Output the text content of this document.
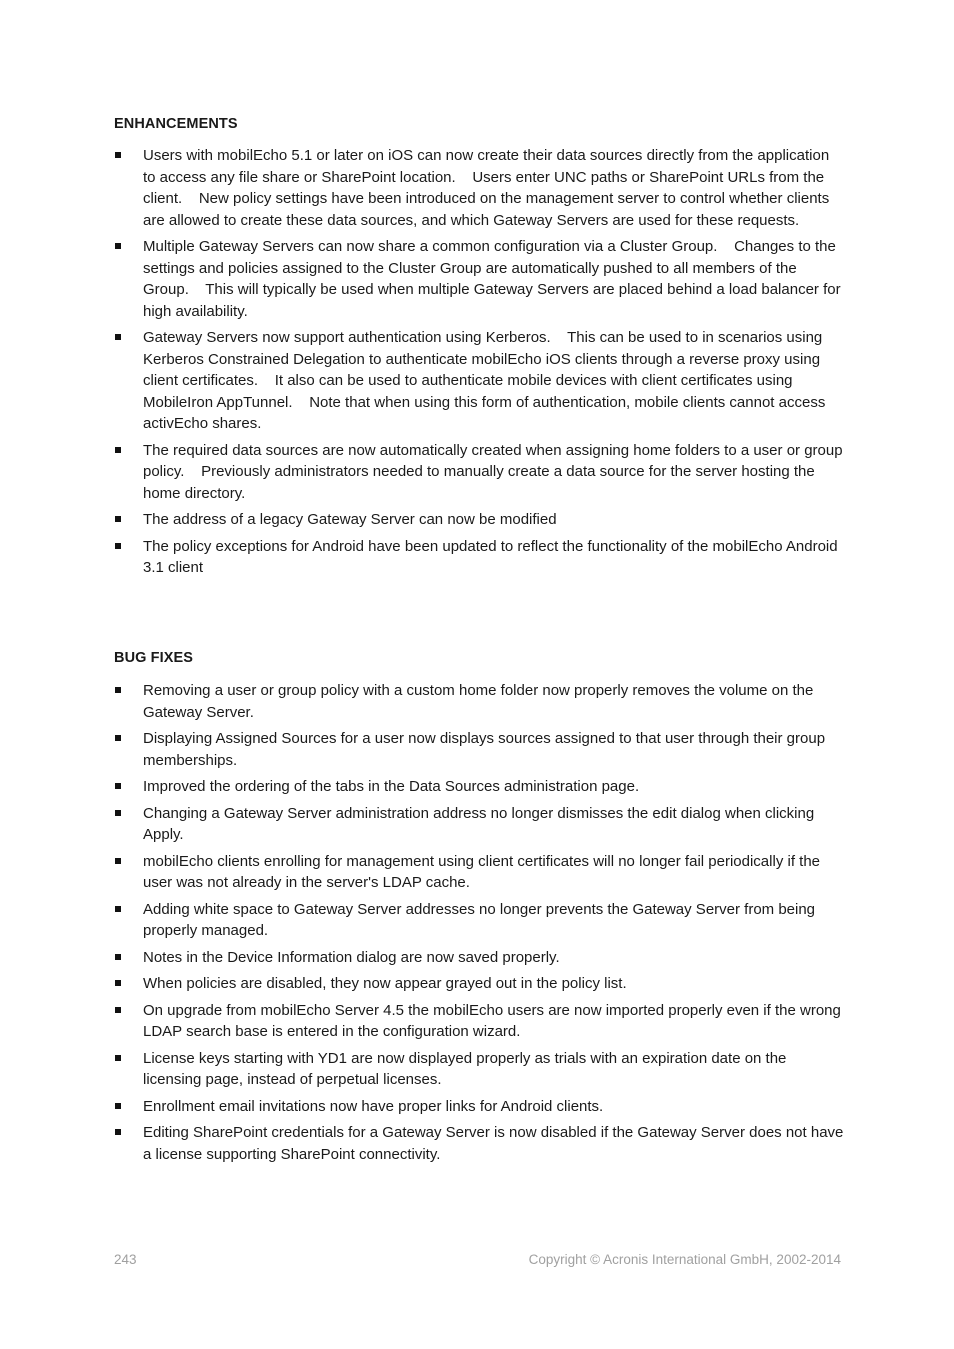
ENHANCEMENTS
Users with mobilEcho 5.1 or later on iOS can now create their data sources directly from the application to access any file share or SharePoint location.    Users enter UNC paths or SharePoint URLs from the client.    New policy settings have been introduced on the management server to control whether clients are allowed to create these data sources, and which Gateway Servers are used for these requests.
Multiple Gateway Servers can now share a common configuration via a Cluster Group.    Changes to the settings and policies assigned to the Cluster Group are automatically pushed to all members of the Group.    This will typically be used when multiple Gateway Servers are placed behind a load balancer for high availability.
Gateway Servers now support authentication using Kerberos.    This can be used to in scenarios using Kerberos Constrained Delegation to authenticate mobilEcho iOS clients through a reverse proxy using client certificates.    It also can be used to authenticate mobile devices with client certificates using MobileIron AppTunnel.    Note that when using this form of authentication, mobile clients cannot access activEcho shares.
The required data sources are now automatically created when assigning home folders to a user or group policy.    Previously administrators needed to manually create a data source for the server hosting the home directory.
The address of a legacy Gateway Server can now be modified
The policy exceptions for Android have been updated to reflect the functionality of the mobilEcho Android 3.1 client
BUG FIXES
Removing a user or group policy with a custom home folder now properly removes the volume on the Gateway Server.
Displaying Assigned Sources for a user now displays sources assigned to that user through their group memberships.
Improved the ordering of the tabs in the Data Sources administration page.
Changing a Gateway Server administration address no longer dismisses the edit dialog when clicking Apply.
mobilEcho clients enrolling for management using client certificates will no longer fail periodically if the user was not already in the server's LDAP cache.
Adding white space to Gateway Server addresses no longer prevents the Gateway Server from being properly managed.
Notes in the Device Information dialog are now saved properly.
When policies are disabled, they now appear grayed out in the policy list.
On upgrade from mobilEcho Server 4.5 the mobilEcho users are now imported properly even if the wrong LDAP search base is entered in the configuration wizard.
License keys starting with YD1 are now displayed properly as trials with an expiration date on the licensing page, instead of perpetual licenses.
Enrollment email invitations now have proper links for Android clients.
Editing SharePoint credentials for a Gateway Server is now disabled if the Gateway Server does not have a license supporting SharePoint connectivity.
243	Copyright © Acronis International GmbH, 2002-2014
